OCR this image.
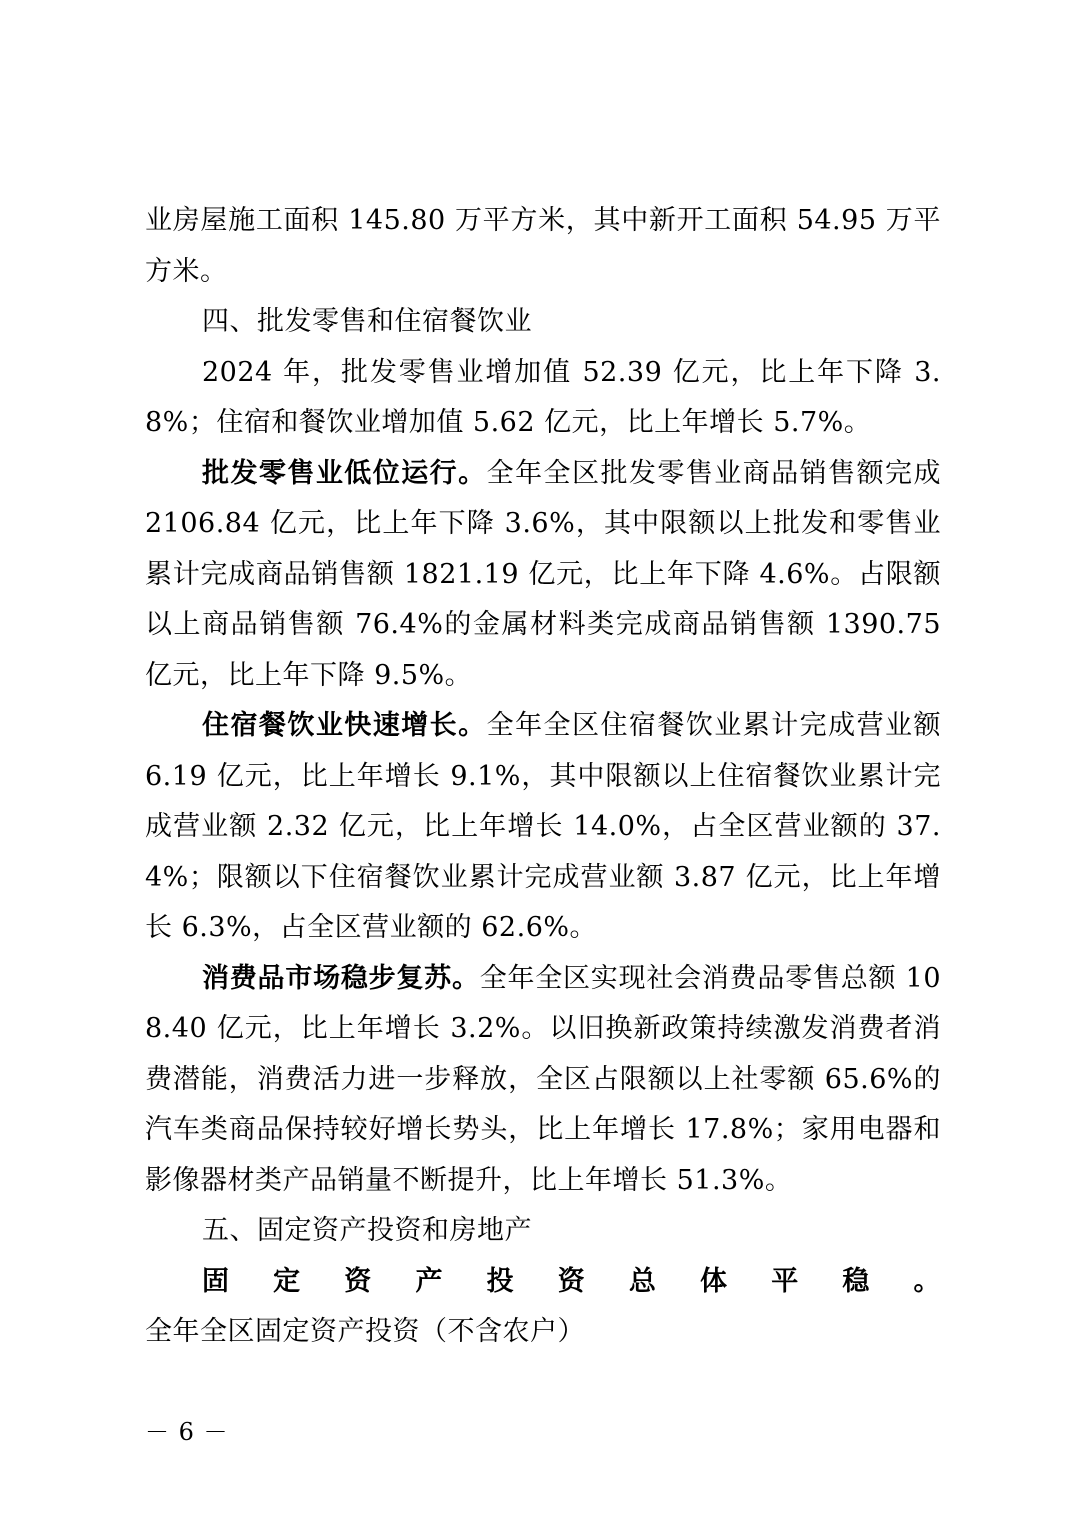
业房屋施工面积 145.80 万平方米，其中新开工面积 54.95 万平方米。

四、批发零售和住宿餐饮业

2024 年，批发零售业增加值 52.39 亿元，比上年下降 3.8%；住宿和餐饮业增加值 5.62 亿元，比上年增长 5.7%。

批发零售业低位运行。全年全区批发零售业商品销售额完成 2106.84 亿元，比上年下降 3.6%，其中限额以上批发和零售业累计完成商品销售额 1821.19 亿元，比上年下降 4.6%。占限额以上商品销售额 76.4%的金属材料类完成商品销售额 1390.75 亿元，比上年下降 9.5%。

住宿餐饮业快速增长。全年全区住宿餐饮业累计完成营业额 6.19 亿元，比上年增长 9.1%，其中限额以上住宿餐饮业累计完成营业额 2.32 亿元，比上年增长 14.0%，占全区营业额的 37.4%；限额以下住宿餐饮业累计完成营业额 3.87 亿元，比上年增长 6.3%，占全区营业额的 62.6%。

消费品市场稳步复苏。全年全区实现社会消费品零售总额 108.40 亿元，比上年增长 3.2%。以旧换新政策持续激发消费者消费潜能，消费活力进一步释放，全区占限额以上社零额 65.6%的汽车类商品保持较好增长势头，比上年增长 17.8%；家用电器和影像器材类产品销量不断提升，比上年增长 51.3%。

五、固定资产投资和房地产

固定资产投资总体平稳。全年全区固定资产投资（不含农户）

－ 6 －
